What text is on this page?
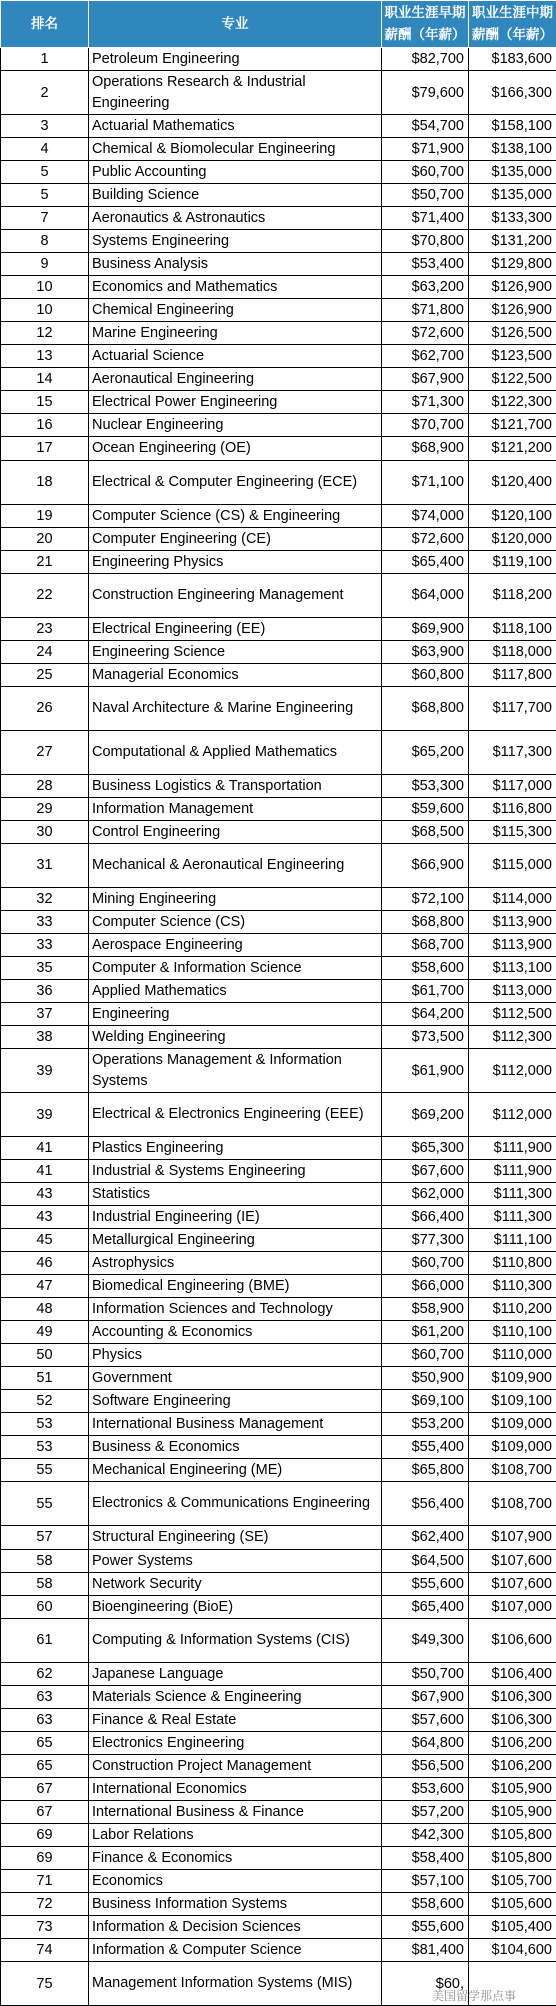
排名	专业	职业生涯早期薪酬（年薪）	职业生涯中期薪酬（年薪）
1	Petroleum Engineering	$82,700	$183,600
2	Operations Research & Industrial Engineering	$79,600	$166,300
3	Actuarial Mathematics	$54,700	$158,100
4	Chemical & Biomolecular Engineering	$71,900	$138,100
5	Public Accounting	$60,700	$135,000
5	Building Science	$50,700	$135,000
7	Aeronautics & Astronautics	$71,400	$133,300
8	Systems Engineering	$70,800	$131,200
9	Business Analysis	$53,400	$129,800
10	Economics and Mathematics	$63,200	$126,900
10	Chemical Engineering	$71,800	$126,900
12	Marine Engineering	$72,600	$126,500
13	Actuarial Science	$62,700	$123,500
14	Aeronautical Engineering	$67,900	$122,500
15	Electrical Power Engineering	$71,300	$122,300
16	Nuclear Engineering	$70,700	$121,700
17	Ocean Engineering (OE)	$68,900	$121,200
18	Electrical & Computer Engineering (ECE)	$71,100	$120,400
19	Computer Science (CS) & Engineering	$74,000	$120,100
20	Computer Engineering (CE)	$72,600	$120,000
21	Engineering Physics	$65,400	$119,100
22	Construction Engineering Management	$64,000	$118,200
23	Electrical Engineering (EE)	$69,900	$118,100
24	Engineering Science	$63,900	$118,000
25	Managerial Economics	$60,800	$117,800
26	Naval Architecture & Marine Engineering	$68,800	$117,700
27	Computational & Applied Mathematics	$65,200	$117,300
28	Business Logistics & Transportation	$53,300	$117,000
29	Information Management	$59,600	$116,800
30	Control Engineering	$68,500	$115,300
31	Mechanical & Aeronautical Engineering	$66,900	$115,000
32	Mining Engineering	$72,100	$114,000
33	Computer Science (CS)	$68,800	$113,900
33	Aerospace Engineering	$68,700	$113,900
35	Computer & Information Science	$58,600	$113,100
36	Applied Mathematics	$61,700	$113,000
37	Engineering	$64,200	$112,500
38	Welding Engineering	$73,500	$112,300
39	Operations Management & Information Systems	$61,900	$112,000
39	Electrical & Electronics Engineering (EEE)	$69,200	$112,000
41	Plastics Engineering	$65,300	$111,900
41	Industrial & Systems Engineering	$67,600	$111,900
43	Statistics	$62,000	$111,300
43	Industrial Engineering (IE)	$66,400	$111,300
45	Metallurgical Engineering	$77,300	$111,100
46	Astrophysics	$60,700	$110,800
47	Biomedical Engineering (BME)	$66,000	$110,300
48	Information Sciences and Technology	$58,900	$110,200
49	Accounting & Economics	$61,200	$110,100
50	Physics	$60,700	$110,000
51	Government	$50,900	$109,900
52	Software Engineering	$69,100	$109,100
53	International Business Management	$53,200	$109,000
53	Business & Economics	$55,400	$109,000
55	Mechanical Engineering (ME)	$65,800	$108,700
55	Electronics & Communications Engineering	$56,400	$108,700
57	Structural Engineering (SE)	$62,400	$107,900
58	Power Systems	$64,500	$107,600
58	Network Security	$55,600	$107,600
60	Bioengineering (BioE)	$65,400	$107,000
61	Computing & Information Systems (CIS)	$49,300	$106,600
62	Japanese Language	$50,700	$106,400
63	Materials Science & Engineering	$67,900	$106,300
63	Finance & Real Estate	$57,600	$106,300
65	Electronics Engineering	$64,800	$106,200
65	Construction Project Management	$56,500	$106,200
67	International Economics	$53,600	$105,900
67	International Business & Finance	$57,200	$105,900
69	Labor Relations	$42,300	$105,800
69	Finance & Economics	$58,400	$105,800
71	Economics	$57,100	$105,700
72	Business Information Systems	$58,600	$105,600
73	Information & Decision Sciences	$55,600	$105,400
74	Information & Computer Science	$81,400	$104,600
75	Management Information Systems (MIS)	$60,	
美国留学那点事
